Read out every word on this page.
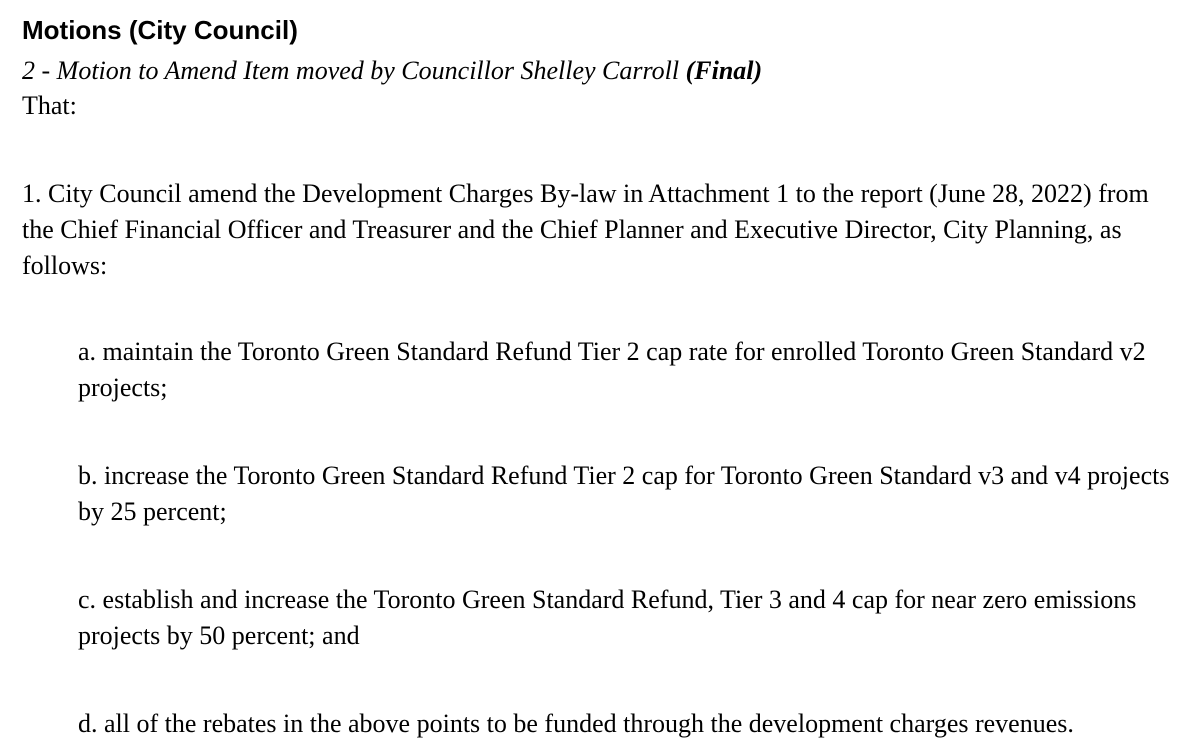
Motions (City Council)

2 - Motion to Amend Item moved by Councillor Shelley Carroll (Final)

That:

1. City Council amend the Development Charges By-law in Attachment 1 to the report (June 28, 2022) from the Chief Financial Officer and Treasurer and the Chief Planner and Executive Director, City Planning, as follows:

a. maintain the Toronto Green Standard Refund Tier 2 cap rate for enrolled Toronto Green Standard v2 projects;

b. increase the Toronto Green Standard Refund Tier 2 cap for Toronto Green Standard v3 and v4 projects by 25 percent;

c. establish and increase the Toronto Green Standard Refund, Tier 3 and 4 cap for near zero emissions projects by 50 percent; and

d. all of the rebates in the above points to be funded through the development charges revenues.
